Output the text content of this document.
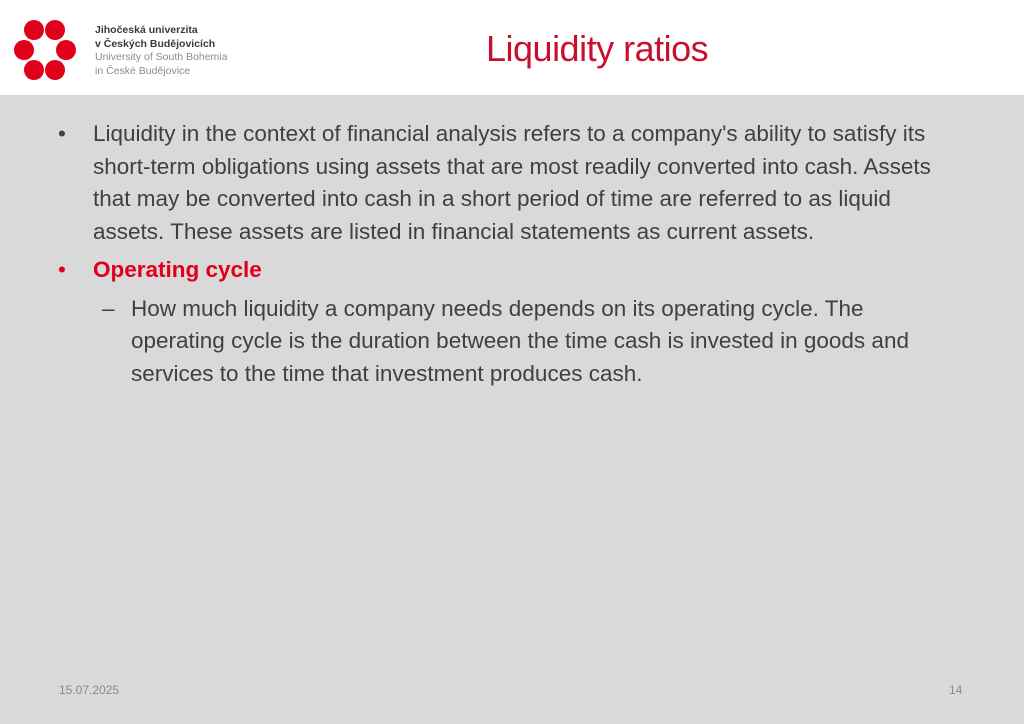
Jihočeská univerzita
v Českých Budějovicích
University of South Bohemia
in České Budějovice
Liquidity ratios
• Liquidity in the context of financial analysis refers to a company's ability to satisfy its short-term obligations using assets that are most readily converted into cash. Assets that may be converted into cash in a short period of time are referred to as liquid assets. These assets are listed in financial statements as current assets.
• Operating cycle
– How much liquidity a company needs depends on its operating cycle. The operating cycle is the duration between the time cash is invested in goods and services to the time that investment produces cash.
15.07.2025	14
